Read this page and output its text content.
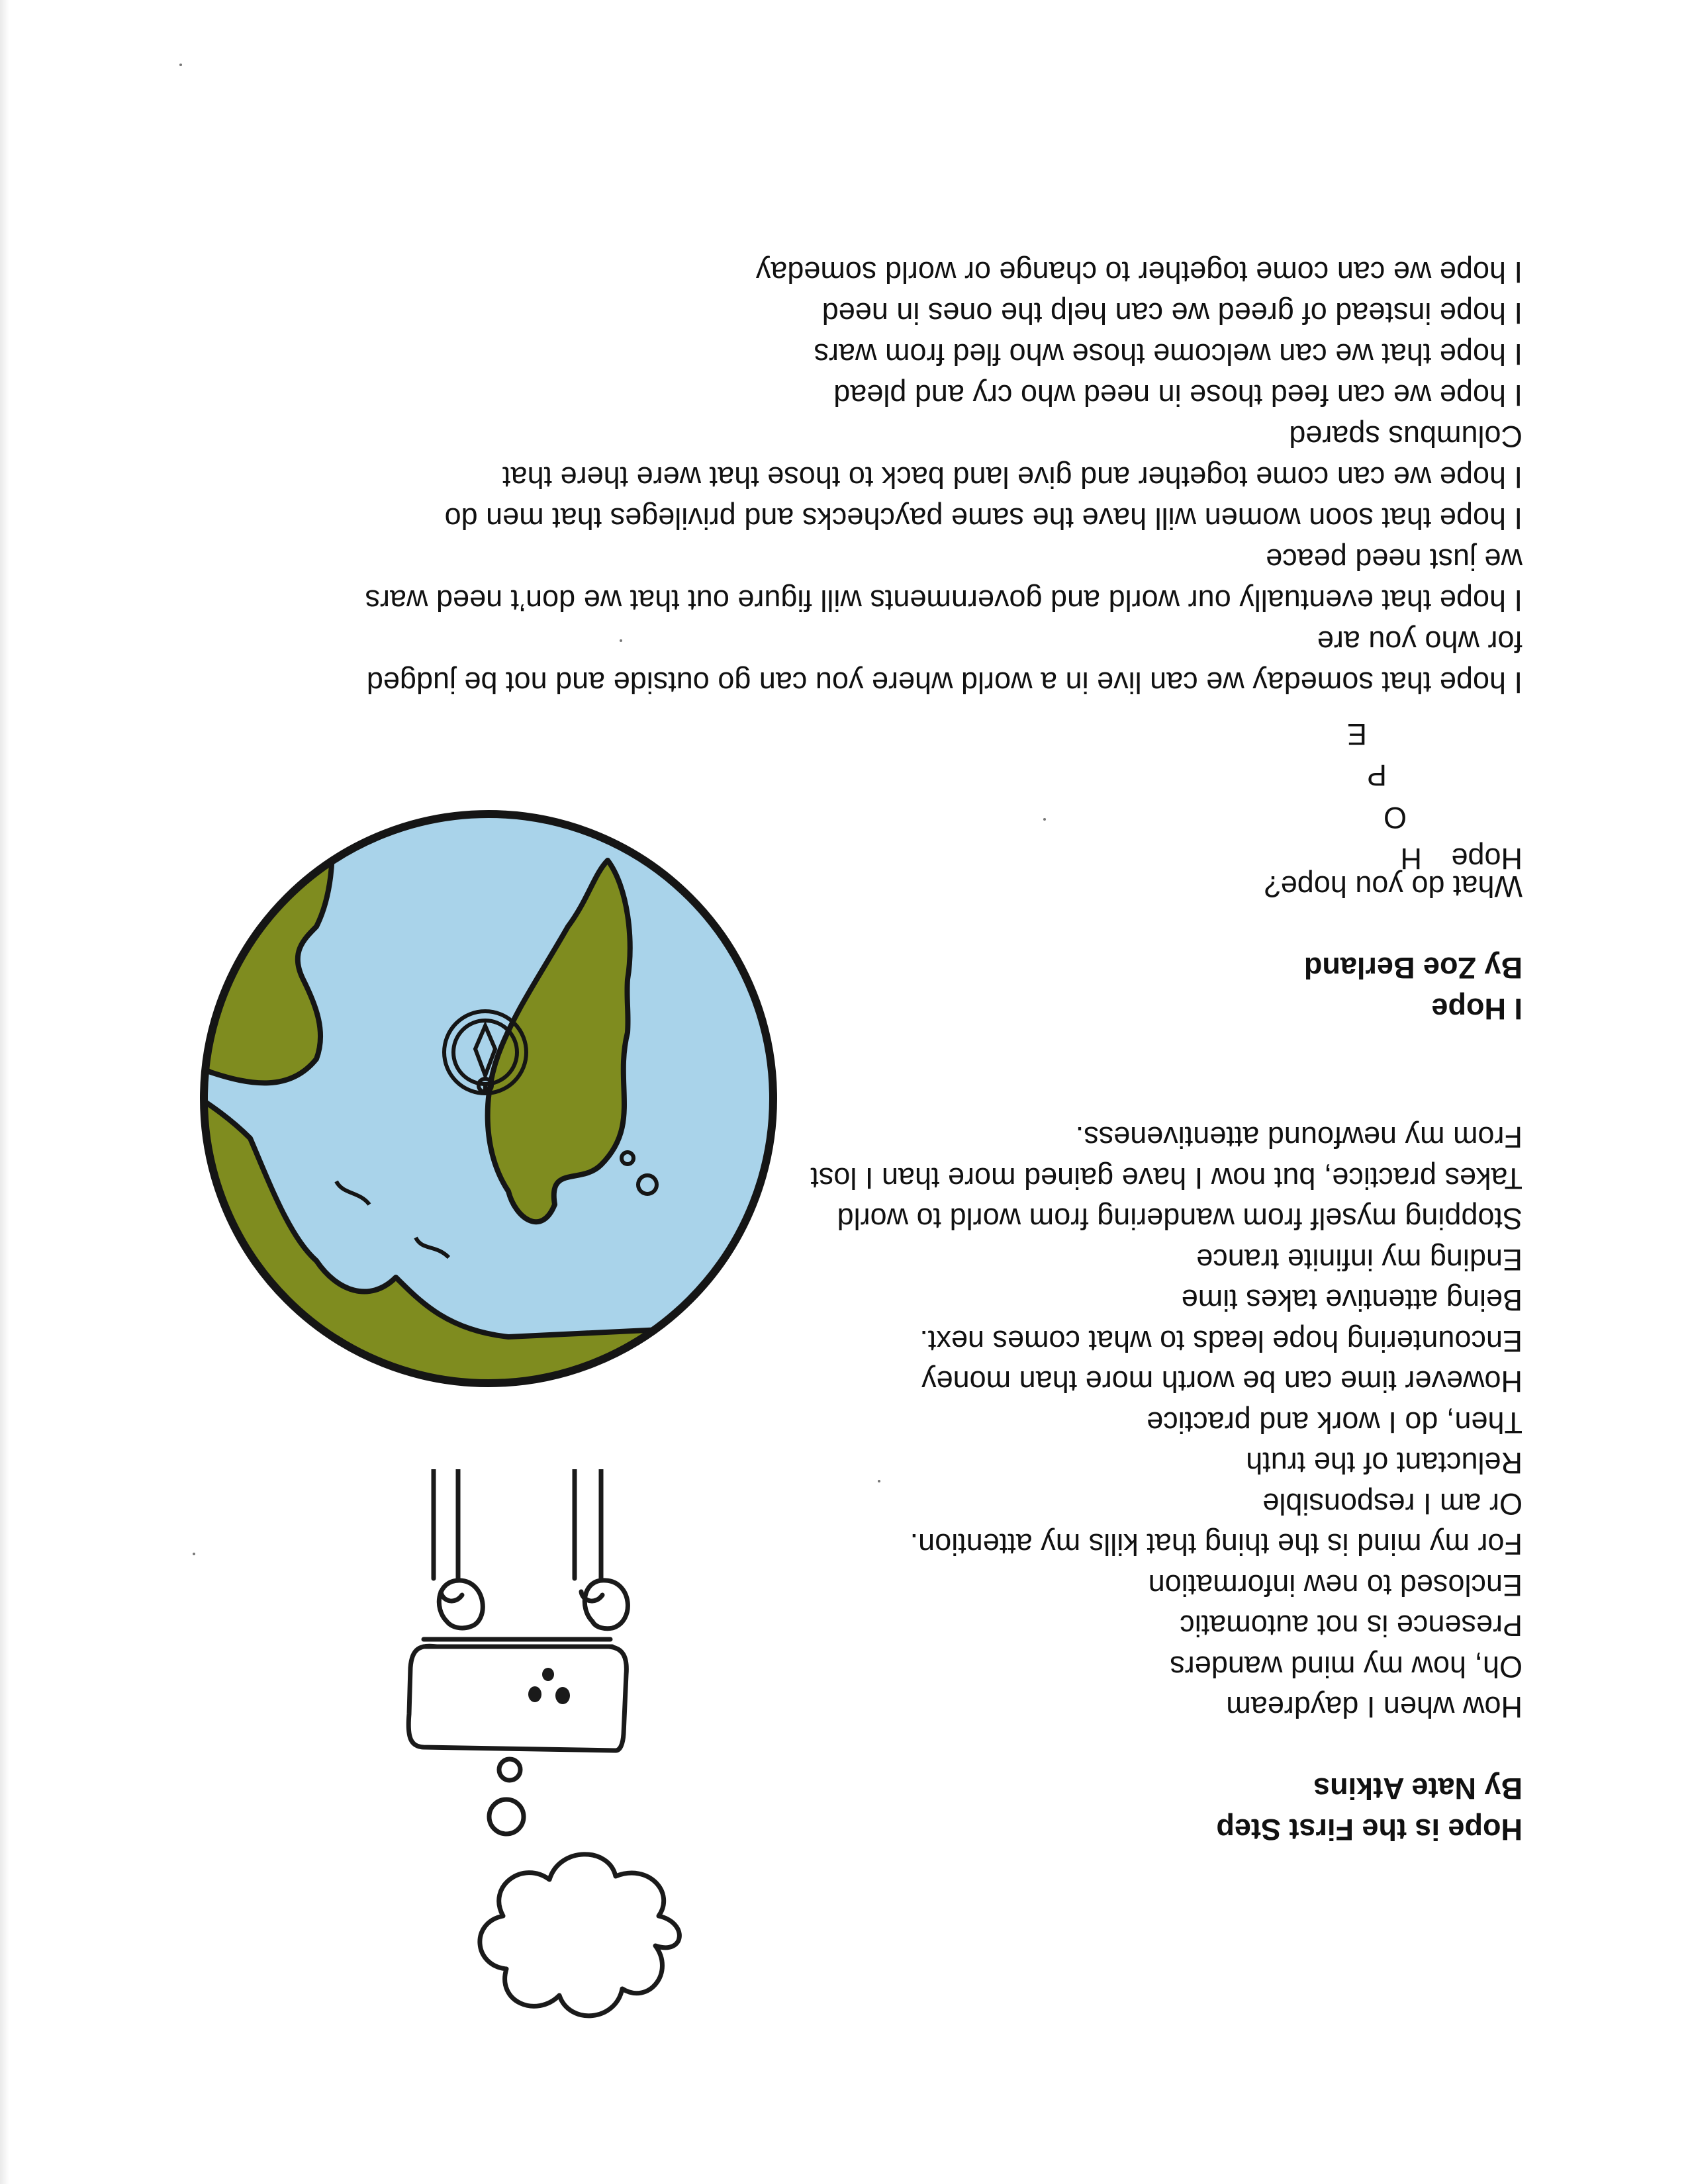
Hope is the First Step
By Nate Atkins
How when I daydream
Oh, how my mind wanders
Presence is not automatic
Enclosed to new information
For my mind is the thing that kills my attention.
Or am I responsible
Reluctant of the truth
Then, do I work and practice
However time can be worth more than money
Encountering hope leads to what comes next.
Being attentive takes time
Ending my infinite trance
Stopping myself from wandering from world to world
Takes practice, but now I have gained more than I lost
From my newfound attentiveness.
I Hope
By Zoe Berland
What do you hope?
Hope
H
O
P
E
I hope that someday we can live in a world where you can go outside and not be judged
for who you are
I hope that eventually our world and governments will figure out that we don’t need wars
we just need peace
I hope that soon women will have the same paychecks and privileges that men do
I hope we can come together and give land back to those that were there that
Columbus spared
I hope we can feed those in need who cry and plead
I hope that we can welcome those who fled from wars
I hope instead of greed we can help the ones in need
I hope we can come together to change or world someday
